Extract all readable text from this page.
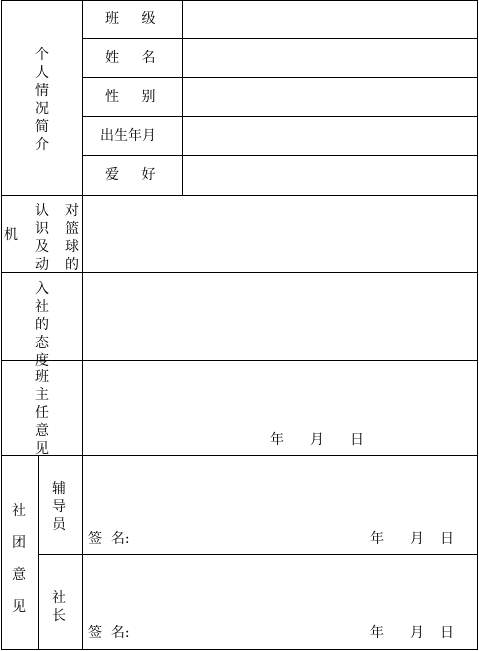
个人情况简介
班 级
姓 名
性 别
出生年月
爱 好
对篮球的
认识及动
机
入社的态度
班主任意见
年 月 日
社团意见
辅导员
签  名:	年 月 日
社长
签  名:	年 月 日
